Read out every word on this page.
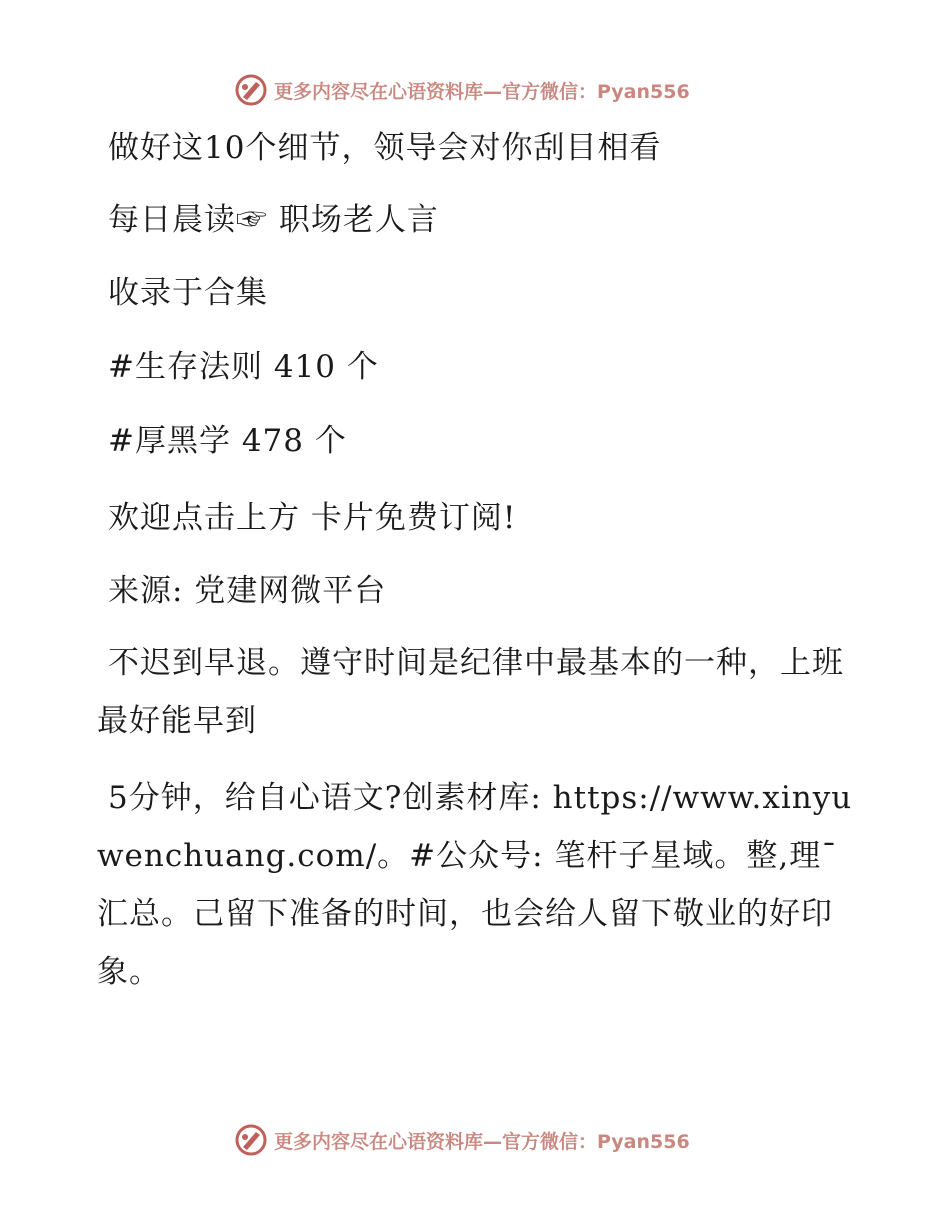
更多内容尽在心语资料库—官方微信：Pyan556
做好这10个细节，领导会对你刮目相看
每日晨读☞ 职场老人言
收录于合集
#生存法则 410 个
#厚黑学 478 个
欢迎点击上方 卡片免费订阅!
来源: 党建网微平台
不迟到早退。遵守时间是纪律中最基本的一种，上班最好能早到
5分钟，给自心语文?创素材库: https://www.xinyuwenchuang.com/。#公众号: 笔杆子星域。整,理¯汇总。己留下准备的时间，也会给人留下敬业的好印象。
更多内容尽在心语资料库—官方微信：Pyan556
